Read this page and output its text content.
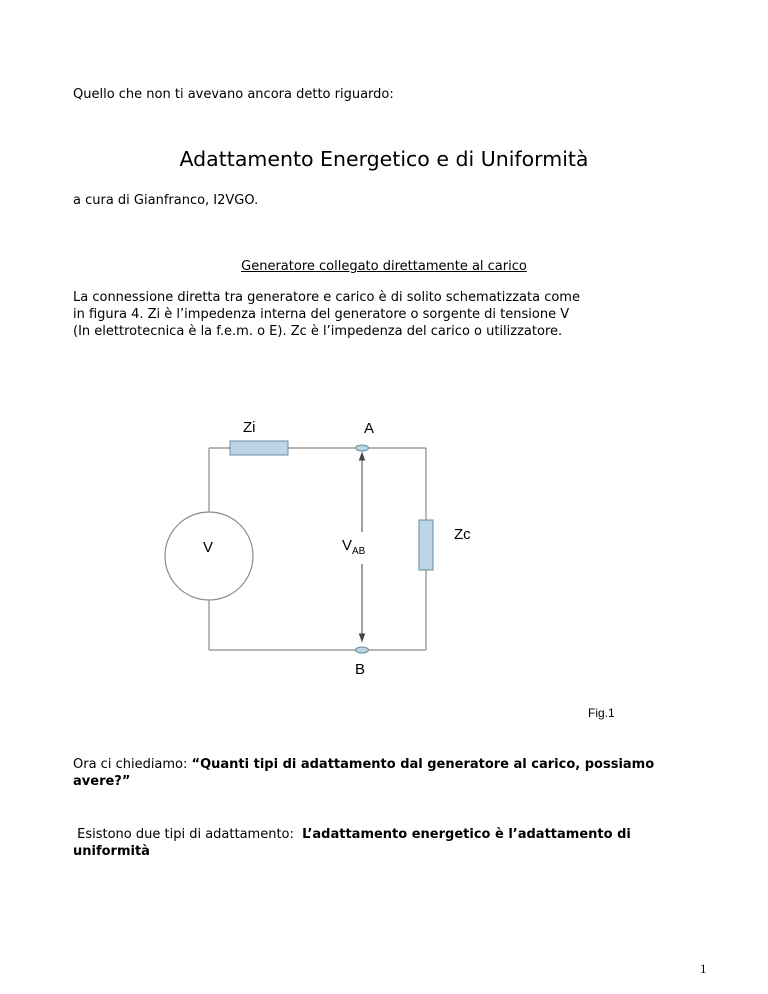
Quello che non ti avevano ancora detto riguardo:
Adattamento Energetico e di Uniformità
a cura di Gianfranco, I2VGO.
Generatore collegato direttamente al carico
La connessione diretta tra generatore e carico è di solito schematizzata come
in figura 4. Zi è l’impedenza interna del generatore o sorgente di tensione V
(In elettrotecnica è la f.e.m. o E). Zc è l’impedenza del carico o utilizzatore.
Zi	A
V	$V_{AB}$
Zc
B
Fig.1
Ora ci chiediamo: “Quanti tipi di adattamento dal generatore al carico, possiamo avere?”
Esistono due tipi di adattamento:  L’adattamento energetico è l’adattamento di uniformità
1
